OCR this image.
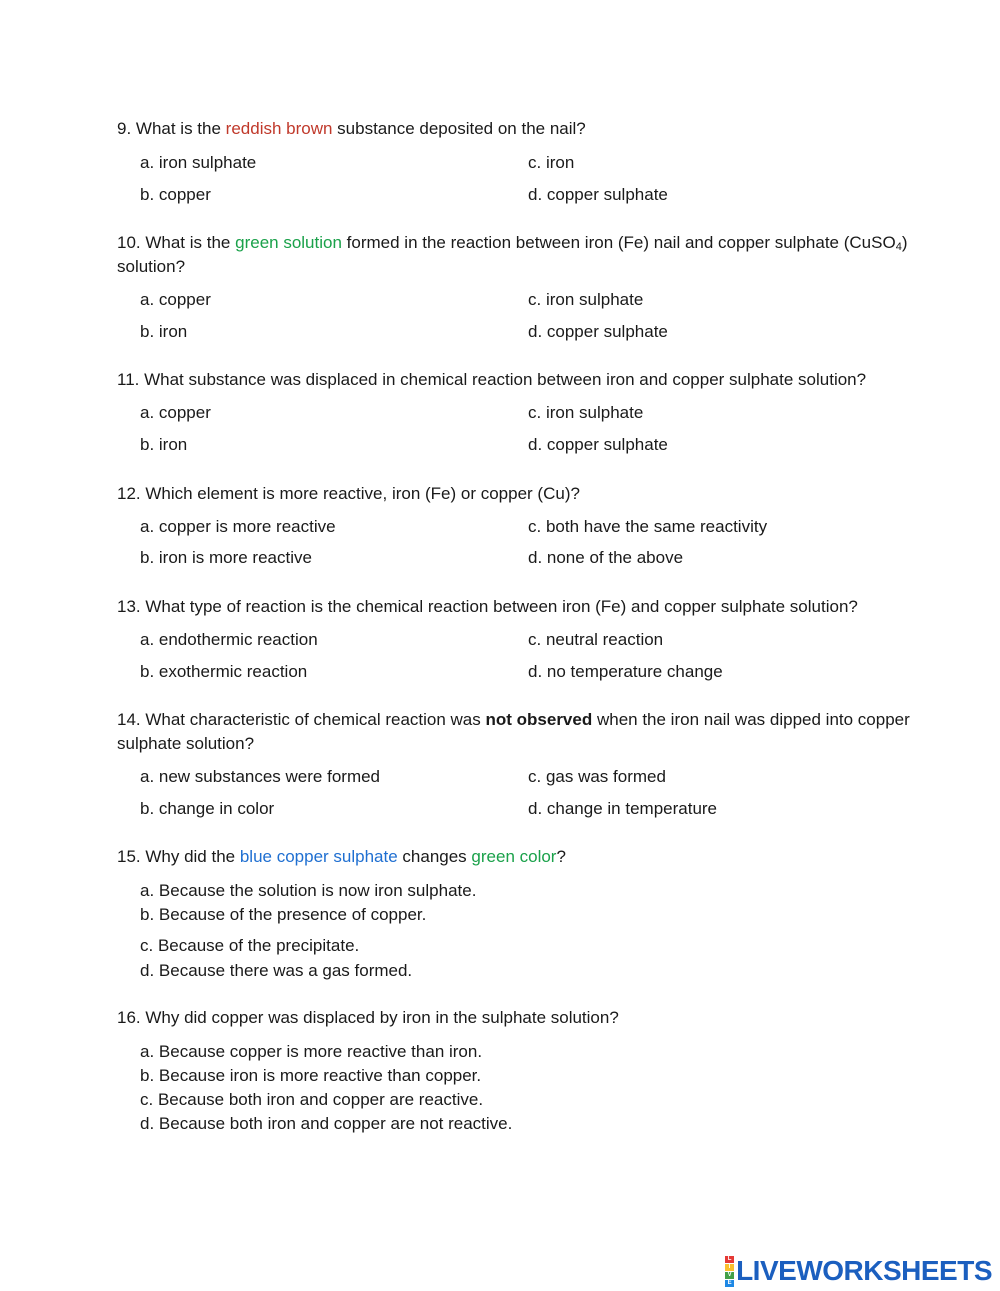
9. What is the reddish brown substance deposited on the nail?
a. iron sulphate	c. iron
b. copper	d. copper sulphate
10. What is the green solution formed in the reaction between iron (Fe) nail and copper sulphate (CuSO$_4$) solution?
a. copper	c. iron sulphate
b. iron	d. copper sulphate
11. What substance was displaced in chemical reaction between iron and copper sulphate solution?
a. copper	c. iron sulphate
b. iron	d. copper sulphate
12. Which element is more reactive, iron (Fe) or copper (Cu)?
a. copper is more reactive	c. both have the same reactivity
b. iron is more reactive	d. none of the above
13. What type of reaction is the chemical reaction between iron (Fe) and copper sulphate solution?
a. endothermic reaction	c. neutral reaction
b. exothermic reaction	d. no temperature change
14. What characteristic of chemical reaction was not observed when the iron nail was dipped into copper sulphate solution?
a. new substances were formed	c. gas was formed
b. change in color	d. change in temperature
15. Why did the blue copper sulphate changes green color?
a. Because the solution is now iron sulphate.
b. Because of the presence of copper.
c. Because of the precipitate.
d. Because there was a gas formed.
16. Why did copper was displaced by iron in the sulphate solution?
a. Because copper is more reactive than iron.
b. Because iron is more reactive than copper.
c. Because both iron and copper are reactive.
d. Because both iron and copper are not reactive.
L
I
V
E LIVEWORKSHEETS
